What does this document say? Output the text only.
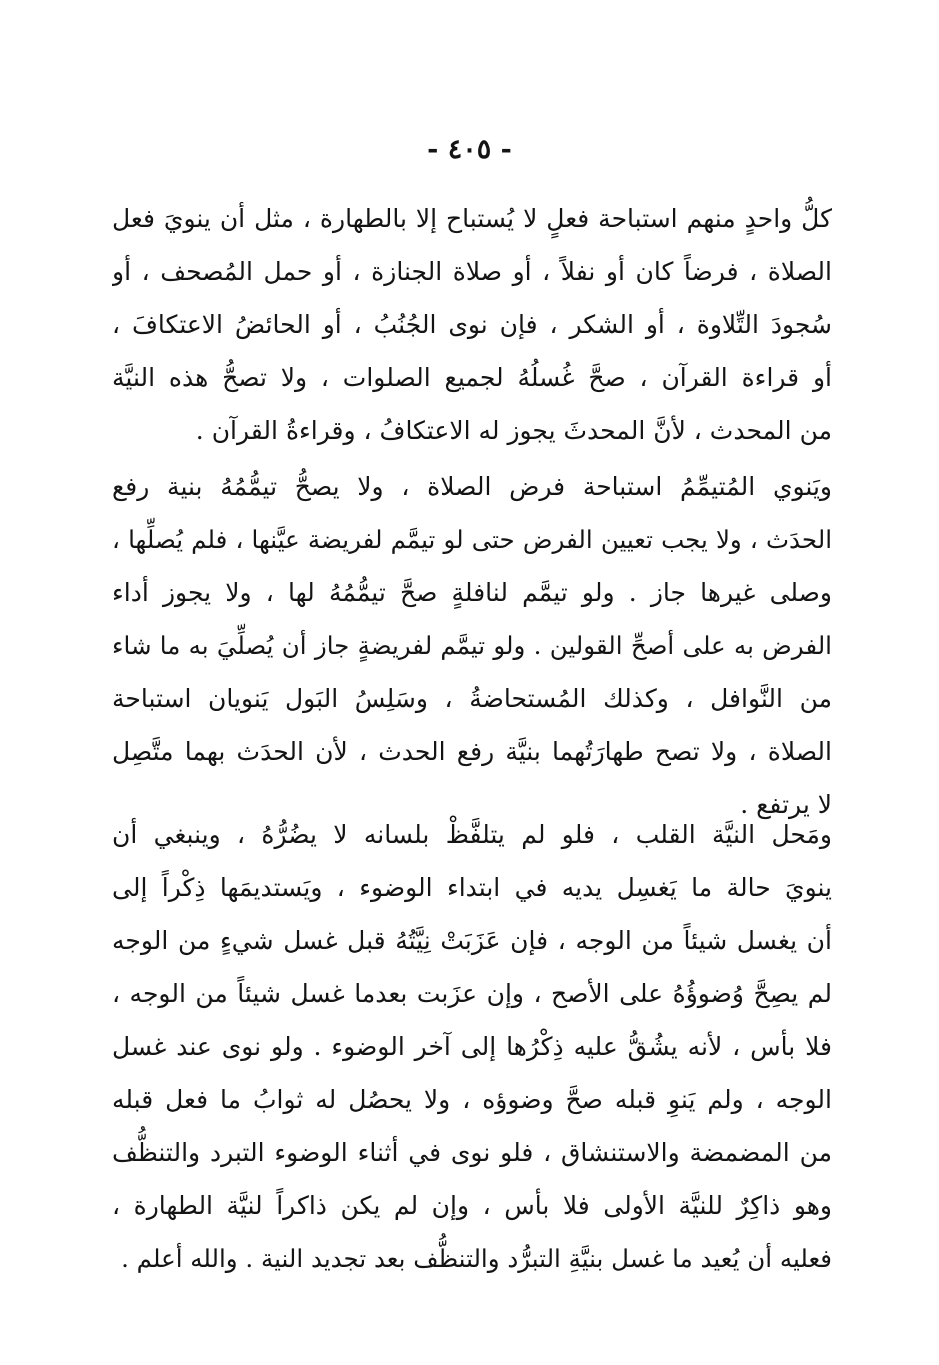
- ٤٠٥ -
كلُّ واحدٍ منهم استباحة فعلٍ لا يُستباح إلا بالطهارة ، مثل أن ينويَ فعل
الصلاة ، فرضاً كان أو نفلاً ، أو صلاة الجنازة ، أو حمل المُصحف ، أو
سُجودَ التِّلاوة ، أو الشكر ، فإن نوى الجُنُبُ ، أو الحائضُ الاعتكافَ ،
أو قراءة القرآن ، صحَّ غُسلُهُ لجميع الصلوات ، ولا تصحُّ هذه النيَّة
من المحدث ، لأنَّ المحدثَ يجوز له الاعتكافُ ، وقراءةُ القرآن .
ويَنوي المُتيمِّمُ استباحة فرض الصلاة ، ولا يصحُّ تيمُّمُهُ بنية رفع
الحدَث ، ولا يجب تعيين الفرض حتى لو تيمَّم لفريضة عيَّنها ، فلم يُصلِّها ،
وصلى غيرها جاز . ولو تيمَّم لنافلةٍ صحَّ تيمُّمُهُ لها ، ولا يجوز أداء
الفرض به على أصحِّ القولين . ولو تيمَّم لفريضةٍ جاز أن يُصلِّيَ به ما شاء
من النَّوافل ، وكذلك المُستحاضةُ ، وسَلِسُ البَول يَنويان استباحة
الصلاة ، ولا تصح طهارَتُهما بنيَّة رفع الحدث ، لأن الحدَث بهما متَّصِل
لا يرتفع .
ومَحل النيَّة القلب ، فلو لم يتلفَّظْ بلسانه لا يضُرُّهُ ، وينبغي أن
ينويَ حالة ما يَغسِل يديه في ابتداء الوضوء ، ويَستديمَها ذِكْراً إلى
أن يغسل شيئاً من الوجه ، فإن عَزَبَتْ نِيَّتُهُ قبل غسل شيءٍ من الوجه
لم يصِحَّ وُضوؤُهُ على الأصح ، وإن عزَبت بعدما غسل شيئاً من الوجه ،
فلا بأس ، لأنه يشُقُّ عليه ذِكْرُها إلى آخر الوضوء . ولو نوى عند غسل
الوجه ، ولم يَنوِ قبله صحَّ وضوؤه ، ولا يحصُل له ثوابُ ما فعل قبله
من المضمضة والاستنشاق ، فلو نوى في أثناء الوضوء التبرد والتنظُّف
وهو ذاكِرٌ للنيَّة الأولى فلا بأس ، وإن لم يكن ذاكراً لنيَّة الطهارة ،
فعليه أن يُعيد ما غسل بنيَّةِ التبرُّد والتنظُّف بعد تجديد النية . والله أعلم .
